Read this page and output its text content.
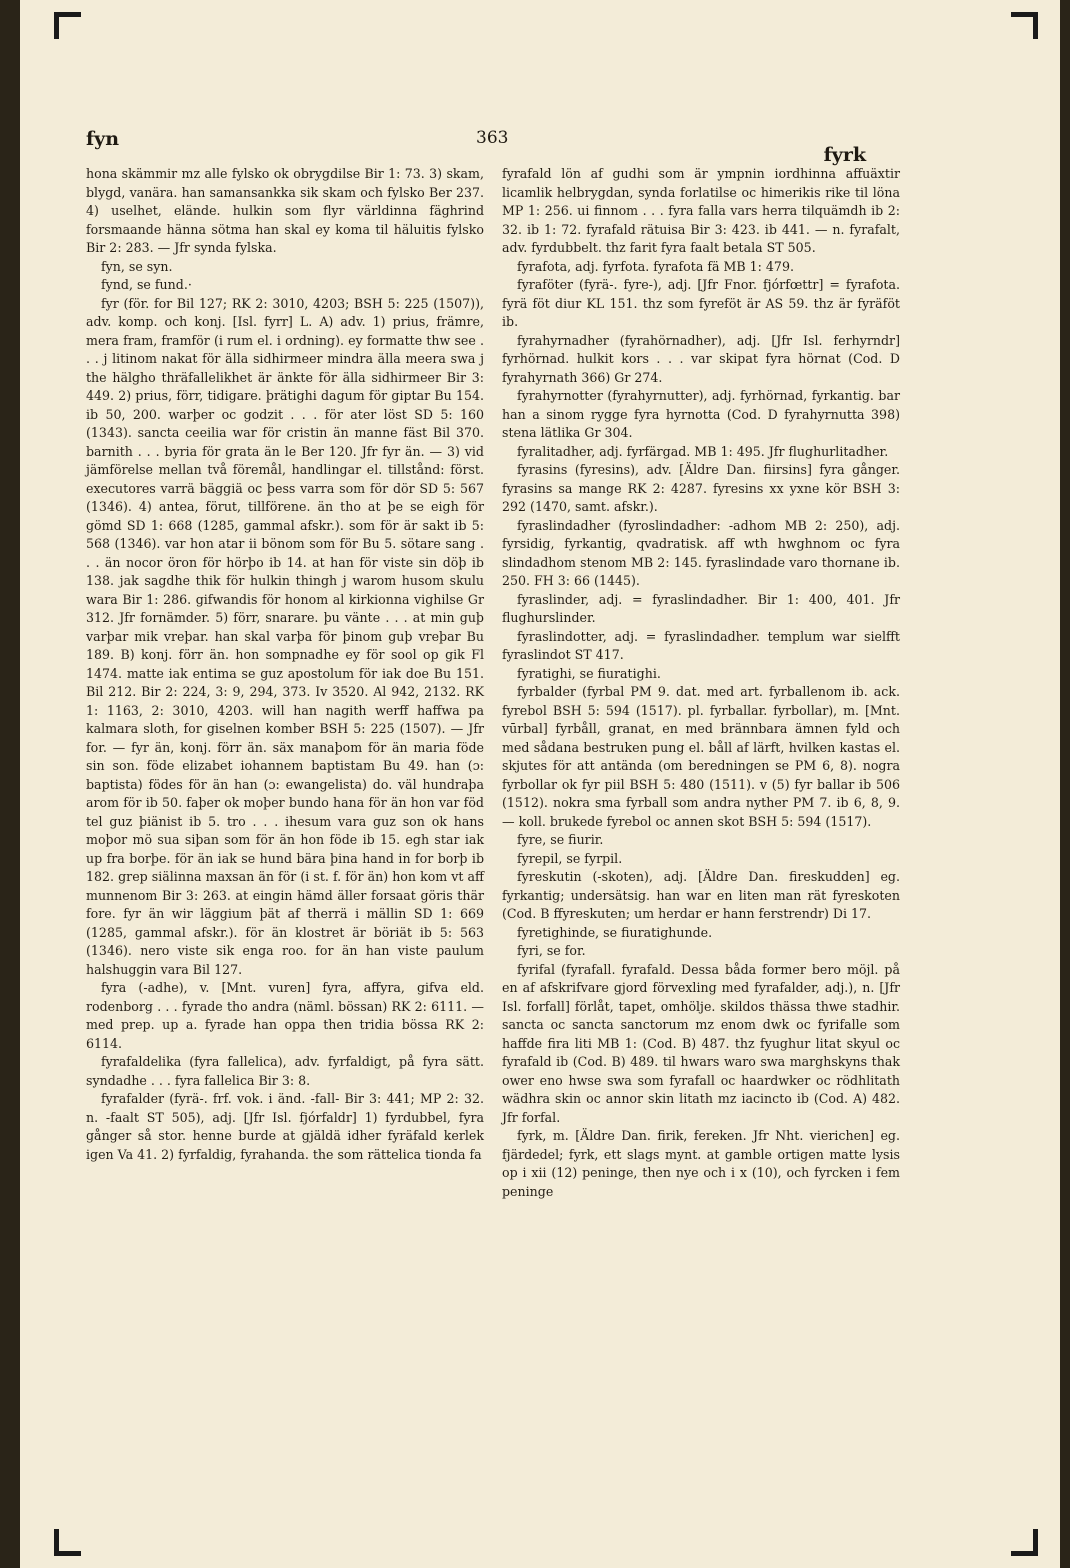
fyn	363
fyrk

hona skämmir mz alle fylsko ok obrygdilse Bir 1: 73. 3) skam, blygd, vanära. han samansankka sik skam och fylsko Ber 237. 4) uselhet, elände. hulkin som flyr världinna fäghrind forsmaande hänna sötma han skal ey koma til häluitis fylsko Bir 2: 283. — Jfr synda fylska.

fyn, se syn.

fynd, se fund.·

fyr (för. for Bil 127; RK 2: 3010, 4203; BSH 5: 225 (1507)), adv. komp. och konj. [Isl. fyrr] L. A) adv. 1) prius, främre, mera fram, framför (i rum el. i ordning). ey formatte thw see . . . j litinom nakat för älla sidhirmeer mindra älla meera swa j the hälgho thräfallelikhet är änkte för älla sidhirmeer Bir 3: 449. 2) prius, förr, tidigare. þrätighi dagum för giptar Bu 154. ib 50, 200. warþer oc godzit . . . för ater löst SD 5: 160 (1343). sancta ceeilia war för cristin än manne fäst Bil 370. barnith . . . byria för grata än le Ber 120. Jfr fyr än. — 3) vid jämförelse mellan två föremål, handlingar el. tillstånd: först. executores varrä bäggiä oc þess varra som för dör SD 5: 567 (1346). 4) antea, förut, tillförene. än tho at þe se eigh för gömd SD 1: 668 (1285, gammal afskr.). som för är sakt ib 5: 568 (1346). var hon atar ii bönom som för Bu 5. sötare sang . . . än nocor öron för hörþo ib 14. at han för viste sin döþ ib 138. jak sagdhe thik för hulkin thingh j warom husom skulu wara Bir 1: 286. gifwandis för honom al kirkionna vighilse Gr 312. Jfr fornämder. 5) förr, snarare. þu vänte . . . at min guþ varþar mik vreþar. han skal varþa för þinom guþ vreþar Bu 189. B) konj. förr än. hon sompnadhe ey för sool op gik Fl 1474. matte iak entima se guz apostolum för iak doe Bu 151. Bil 212. Bir 2: 224, 3: 9, 294, 373. Iv 3520. Al 942, 2132. RK 1: 1163, 2: 3010, 4203. will han nagith werff haffwa pa kalmara sloth, for giselnen komber BSH 5: 225 (1507). — Jfr for. — fyr än, konj. förr än. säx manaþom för än maria föde sin son. föde elizabet iohannem baptistam Bu 49. han (ɔ: baptista) födes för än han (ɔ: ewangelista) do. väl hundraþa arom för ib 50. faþer ok moþer bundo hana för än hon var föd tel guz þiänist ib 5. tro . . . ihesum vara guz son ok hans moþor mö sua siþan som för än hon föde ib 15. egh star iak up fra borþe. för än iak se hund bära þina hand in for borþ ib 182. grep siälinna maxsan än för (i st. f. för än) hon kom vt aff munnenom Bir 3: 263. at eingin hämd äller forsaat göris thär fore. fyr än wir läggium þät af therrä i mällin SD 1: 669 (1285, gammal afskr.). för än klostret är böriät ib 5: 563 (1346). nero viste sik enga roo. for än han viste paulum halshuggin vara Bil 127.

fyra (-adhe), v. [Mnt. vuren] fyra, affyra, gifva eld. rodenborg . . . fyrade tho andra (näml. bössan) RK 2: 6111. — med prep. up a. fyrade han oppa then tridia bössa RK 2: 6114.

fyrafaldelika (fyra fallelica), adv. fyrfaldigt, på fyra sätt. syndadhe . . . fyra fallelica Bir 3: 8.

fyrafalder (fyrä-. frf. vok. i änd. -fall- Bir 3: 441; MP 2: 32. n. -faalt ST 505), adj. [Jfr Isl. fjórfaldr] 1) fyrdubbel, fyra gånger så stor. henne burde at gjäldä idher fyräfald kerlek igen Va 41. 2) fyrfaldig, fyrahanda. the som rättelica tionda fa

fyrafald lön af gudhi som är ympnin iordhinna affuäxtir licamlik helbrygdan, synda forlatilse oc himerikis rike til löna MP 1: 256. ui finnom . . . fyra falla vars herra tilquämdh ib 2: 32. ib 1: 72. fyrafald rätuisa Bir 3: 423. ib 441. — n. fyrafalt, adv. fyrdubbelt. thz farit fyra faalt betala ST 505.

fyrafota, adj. fyrfota. fyrafota fä MB 1: 479.

fyraföter (fyrä-. fyre-), adj. [Jfr Fnor. fjórfœttr] = fyrafota. fyrä föt diur KL 151. thz som fyreföt är AS 59. thz är fyräföt ib.

fyrahyrnadher (fyrahörnadher), adj. [Jfr Isl. ferhyrndr] fyrhörnad. hulkit kors . . . var skipat fyra hörnat (Cod. D fyrahyrnath 366) Gr 274.

fyrahyrnotter (fyrahyrnutter), adj. fyrhörnad, fyrkantig. bar han a sinom rygge fyra hyrnotta (Cod. D fyrahyrnutta 398) stena lätlika Gr 304.

fyralitadher, adj. fyrfärgad. MB 1: 495. Jfr flughurlitadher.

fyrasins (fyresins), adv. [Äldre Dan. fiirsins] fyra gånger. fyrasins sa mange RK 2: 4287. fyresins xx yxne kör BSH 3: 292 (1470, samt. afskr.).

fyraslindadher (fyroslindadher: -adhom MB 2: 250), adj. fyrsidig, fyrkantig, qvadratisk. aff wth hwghnom oc fyra slindadhom stenom MB 2: 145. fyraslindade varo thornane ib. 250. FH 3: 66 (1445).

fyraslinder, adj. = fyraslindadher. Bir 1: 400, 401. Jfr flughurslinder.

fyraslindotter, adj. = fyraslindadher. templum war sielfft fyraslindot ST 417.

fyratighi, se fiuratighi.

fyrbalder (fyrbal PM 9. dat. med art. fyrballenom ib. ack. fyrebol BSH 5: 594 (1517). pl. fyrballar. fyrbollar), m. [Mnt. vūrbal] fyrbåll, granat, en med brännbara ämnen fyld och med sådana bestruken pung el. båll af lärft, hvilken kastas el. skjutes för att antända (om beredningen se PM 6, 8). nogra fyrbollar ok fyr piil BSH 5: 480 (1511). v (5) fyr ballar ib 506 (1512). nokra sma fyrball som andra nyther PM 7. ib 6, 8, 9. — koll. brukede fyrebol oc annen skot BSH 5: 594 (1517).

fyre, se fiurir.

fyrepil, se fyrpil.

fyreskutin (-skoten), adj. [Äldre Dan. fireskudden] eg. fyrkantig; undersätsig. han war en liten man rät fyreskoten (Cod. B ffyreskuten; um herdar er hann ferstrendr) Di 17.

fyretighinde, se fiuratighunde.

fyri, se for.

fyrifal (fyrafall. fyrafald. Dessa båda former bero möjl. på en af afskrifvare gjord förvexling med fyrafalder, adj.), n. [Jfr Isl. forfall] förlåt, tapet, omhölje. skildos thässa thwe stadhir. sancta oc sancta sanctorum mz enom dwk oc fyrifalle som haffde fira liti MB 1: (Cod. B) 487. thz fyughur litat skyul oc fyrafald ib (Cod. B) 489. til hwars waro swa marghskyns thak ower eno hwse swa som fyrafall oc haardwker oc rödhlitath wädhra skin oc annor skin litath mz iacincto ib (Cod. A) 482. Jfr forfal.

fyrk, m. [Äldre Dan. firik, fereken. Jfr Nht. vierichen] eg. fjärdedel; fyrk, ett slags mynt. at gamble ortigen matte lysis op i xii (12) peninge, then nye och i x (10), och fyrcken i fem peninge
